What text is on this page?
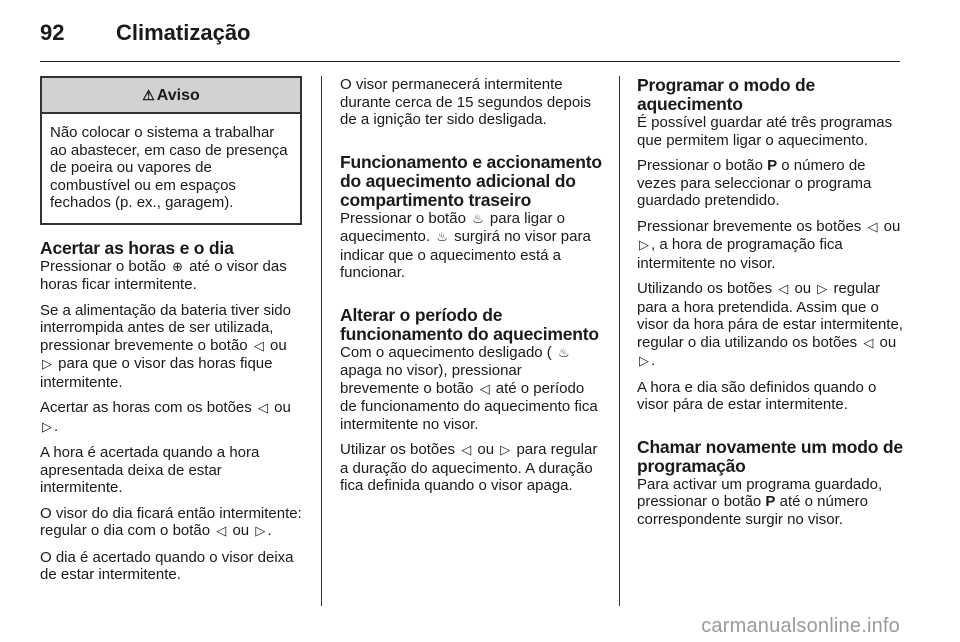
92 Climatização
⚠ Aviso
Não colocar o sistema a trabalhar ao abastecer, em caso de presença de poeira ou vapores de combustível ou em espaços fechados (p. ex., garagem).
Acertar as horas e o dia

Pressionar o botão ⊕ até o visor das horas ficar intermitente.

Se a alimentação da bateria tiver sido interrompida antes de ser utilizada, pressionar brevemente o botão ◁ ou ▷ para que o visor das horas fique intermitente.

Acertar as horas com os botões ◁ ou ▷ .

A hora é acertada quando a hora apresentada deixa de estar intermitente.

O visor do dia ficará então intermitente: regular o dia com o botão ◁ ou ▷ .

O dia é acertado quando o visor deixa de estar intermitente.

O visor permanecerá intermitente durante cerca de 15 segundos depois de a ignição ter sido desligada.

Funcionamento e accionamento do aquecimento adicional do compartimento traseiro

Pressionar o botão ♨ para ligar o aquecimento. ♨ surgirá no visor para indicar que o aquecimento está a funcionar.

Alterar o período de funcionamento do aquecimento

Com o aquecimento desligado ( ♨ apaga no visor), pressionar brevemente o botão ◁ até o período de funcionamento do aquecimento fica intermitente no visor.

Utilizar os botões ◁ ou ▷ para regular a duração do aquecimento. A duração fica definida quando o visor apaga.

Programar o modo de aquecimento

É possível guardar até três programas que permitem ligar o aquecimento.

Pressionar o botão P o número de vezes para seleccionar o programa guardado pretendido.

Pressionar brevemente os botões ◁ ou ▷ , a hora de programação fica intermitente no visor.

Utilizando os botões ◁ ou ▷ regular para a hora pretendida. Assim que o visor da hora pára de estar intermitente, regular o dia utilizando os botões ◁ ou ▷ .

A hora e dia são definidos quando o visor pára de estar intermitente.

Chamar novamente um modo de programação

Para activar um programa guardado, pressionar o botão P até o número correspondente surgir no visor.

carmanualsonline.info
